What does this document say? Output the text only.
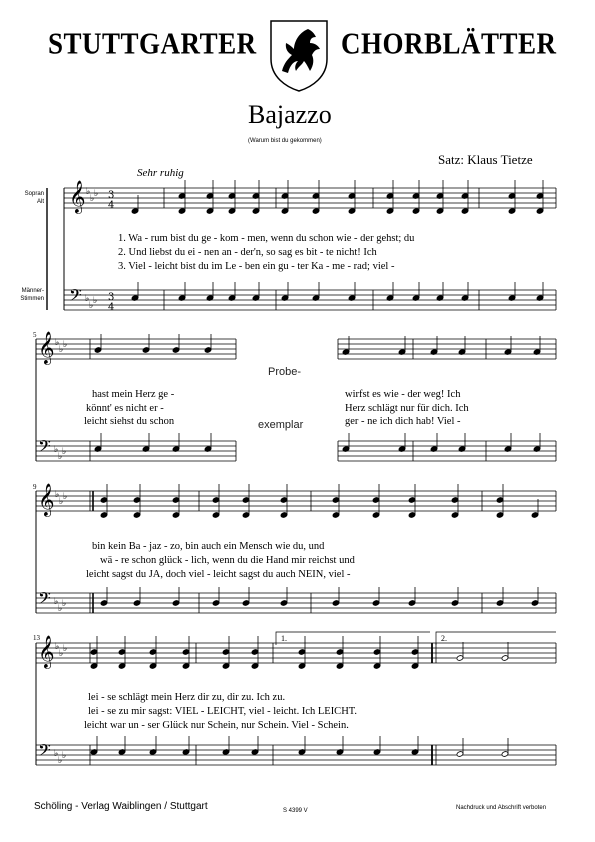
STUTTGARTER	CHORBLÄTTER
Bajazzo
(Warum bist du gekommen)
Satz: Klaus Tietze
Sehr ruhig
Sopran
Alt
Männer-
Stimmen
𝄞 ♭
♭ ♭
𝄢 ♭
♭ ♭
𝄞 ♭
♭ ♭
𝄢 ♭
♭ ♭
𝄞 ♭
♭ ♭
𝄢 ♭
♭ ♭
𝄞 ♭
♭ ♭
𝄢 ♭
♭ ♭
3
4
3
4
5
9
13	1.	2.
Probe-
exemplar
1. Wa - rum bist du ge - kom - men, wenn du schon wie - der gehst; du
2. Und liebst du ei - nen an - der'n, so sag es bit - te nicht! Ich
3. Viel - leicht bist du im Le - ben ein gu - ter Ka - me - rad; viel -
hast mein Herz ge -
könnt' es nicht er -
leicht siehst du schon
wirfst es wie - der weg! Ich
Herz schlägt nur für dich. Ich
ger - ne ich dich hab! Viel -
bin kein Ba - jaz - zo, bin auch ein Mensch wie du, und
wä - re schon glück - lich, wenn du die Hand mir reichst und
leicht sagst du JA, doch viel - leicht sagst du auch NEIN, viel -
lei - se schlägt mein Herz dir zu, dir zu. Ich zu.
lei - se zu mir sagst: VIEL - LEICHT, viel - leicht. Ich LEICHT.
leicht war un - ser Glück nur Schein, nur Schein. Viel - Schein.
Schöling - Verlag Waiblingen / Stuttgart	S 4399 V	Nachdruck und Abschrift verboten
